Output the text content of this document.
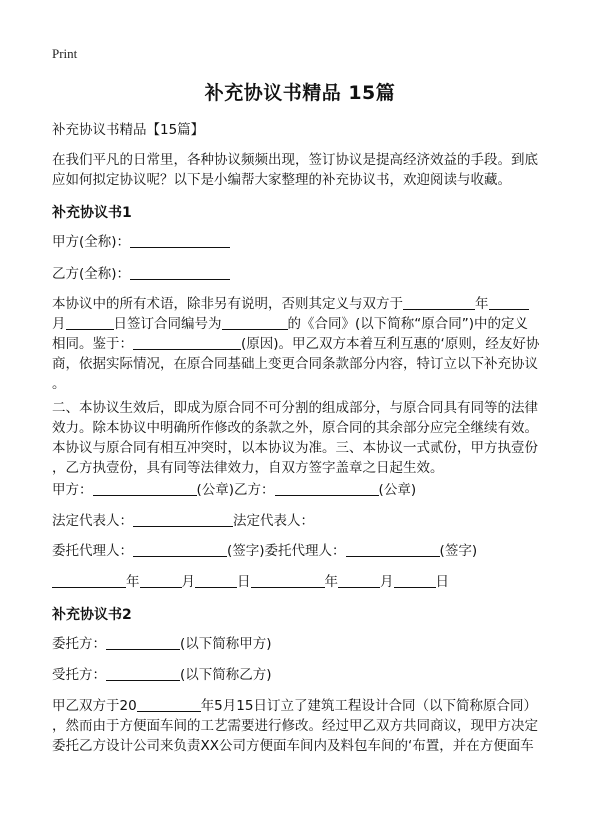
Print
补充协议书精品 15篇
补充协议书精品【15篇】
在我们平凡的日常里，各种协议频频出现，签订协议是提高经济效益的手段。到底
应如何拟定协议呢？以下是小编帮大家整理的补充协议书，欢迎阅读与收藏。
补充协议书1
甲方(全称)：
乙方(全称)：
本协议中的所有术语，除非另有说明，否则其定义与双方于	年
月	日签订合同编号为	的《合同》(以下简称“原合同”)中的定义
相同。鉴于：	(原因)。甲乙双方本着互利互惠的‘原则，经友好协
商，依据实际情况，在原合同基础上变更合同条款部分内容，特订立以下补充协议
。
二、本协议生效后，即成为原合同不可分割的组成部分，与原合同具有同等的法律
效力。除本协议中明确所作修改的条款之外，原合同的其余部分应完全继续有效。
本协议与原合同有相互冲突时，以本协议为准。三、本协议一式贰份，甲方执壹份
，乙方执壹份，具有同等法律效力，自双方签字盖章之日起生效。
甲方：	(公章)乙方：	(公章)
法定代表人：	法定代表人：
委托代理人：	(签字)委托代理人：	(签字)
年	月	日	年	月	日
补充协议书2
委托方：	(以下简称甲方)
受托方：	(以下简称乙方)
甲乙双方于20	年5月15日订立了建筑工程设计合同（以下简称原合同）
，然而由于方便面车间的工艺需要进行修改。经过甲乙双方共同商议，现甲方决定
委托乙方设计公司来负责XX公司方便面车间内及料包车间的‘布置，并在方便面车
